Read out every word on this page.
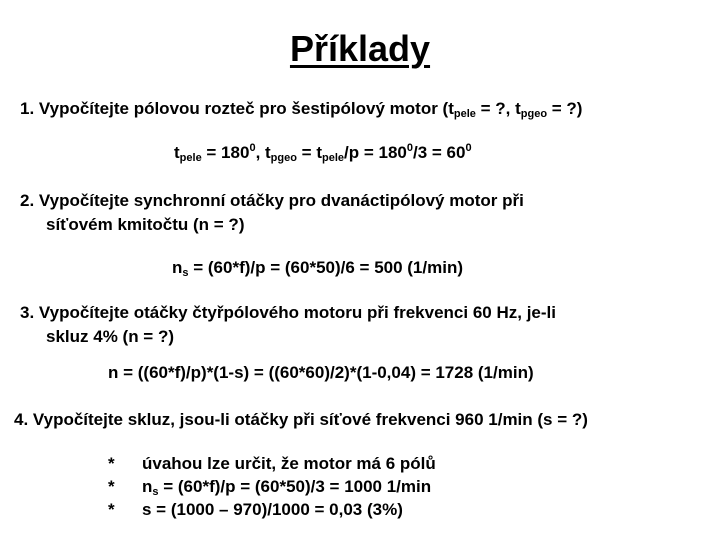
Příklady
1. Vypočítejte pólovou rozteč pro šestipólový motor ($t_{pele}$ = ?, $t_{pgeo}$ = ?)
$t_{pele} = 180^0$, $t_{pgeo} = t_{pele}/p = 180^0/3 = 60^0$
2. Vypočítejte synchronní otáčky pro dvanáctipólový motor při
síťovém kmitočtu (n = ?)
$n_s = (60*f)/p = (60*50)/6 = 500$ (1/min)
3. Vypočítejte otáčky čtyřpólového motoru při frekvenci 60 Hz, je-li
skluz 4% (n = ?)
n = ((60*f)/p)*(1-s) = ((60*60)/2)*(1-0,04) = 1728 (1/min)
4. Vypočítejte skluz, jsou-li otáčky při síťové frekvenci 960 1/min (s = ?)
* úvahou lze určit, že motor má 6 pólů
* $n_s = (60*f)/p = (60*50)/3 = 1000$ 1/min
* s = (1000 – 970)/1000 = 0,03 (3%)
